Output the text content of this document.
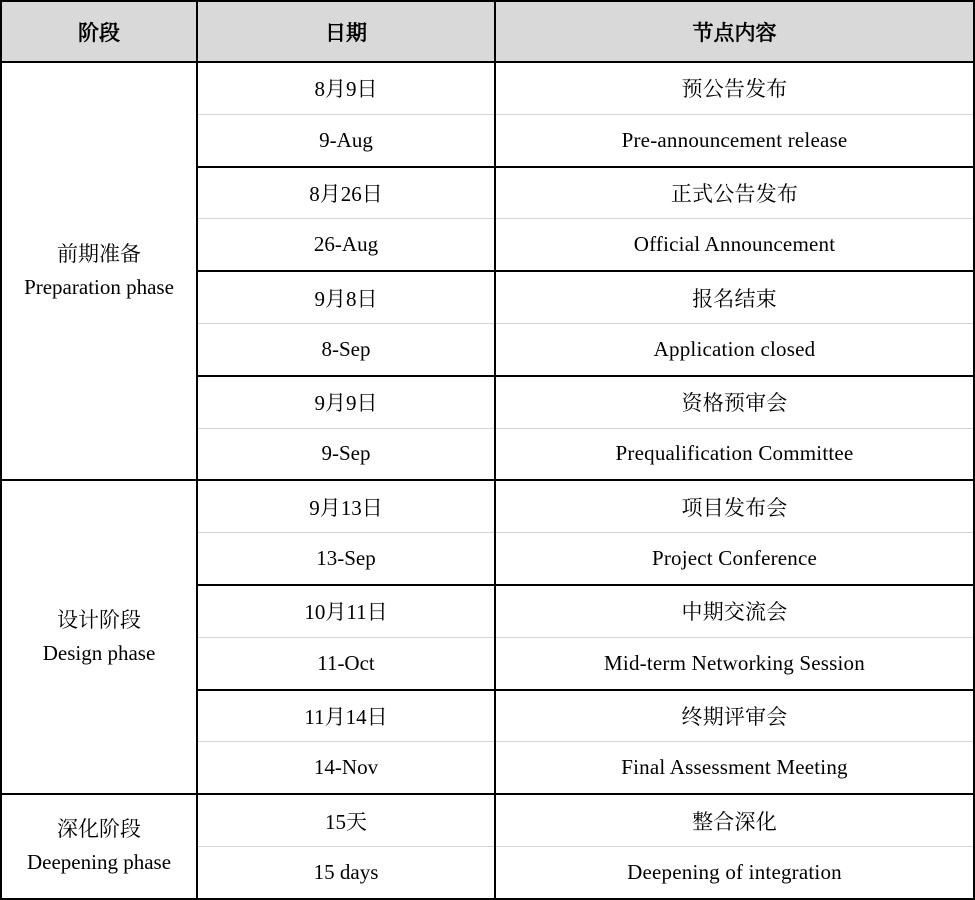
阶段	日期	节点内容

前期准备
Preparation phase	8月9日	预公告发布
	9-Aug	Pre-announcement release
	8月26日	正式公告发布
	26-Aug	Official Announcement
	9月8日	报名结束
	8-Sep	Application closed
	9月9日	资格预审会
	9-Sep	Prequalification Committee

设计阶段
Design phase	9月13日	项目发布会
	13-Sep	Project Conference
	10月11日	中期交流会
	11-Oct	Mid-term Networking Session
	11月14日	终期评审会
	14-Nov	Final Assessment Meeting

深化阶段
Deepening phase	15天	整合深化
	15 days	Deepening of integration
